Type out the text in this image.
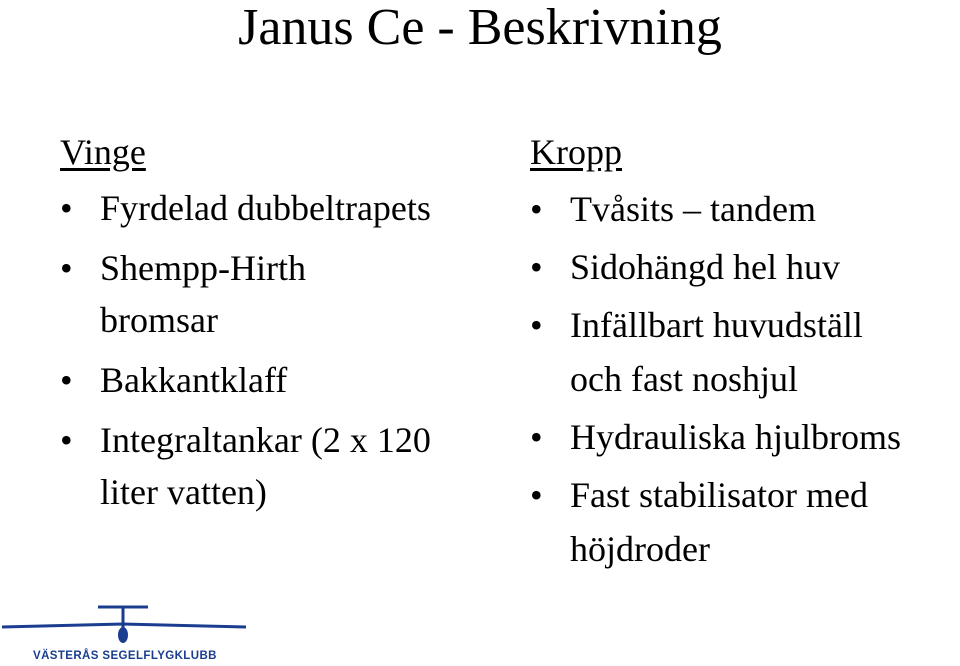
Janus Ce - Beskrivning
Vinge
• Fyrdelad dubbeltrapets
• Shempp-Hirth
bromsar
• Bakkantklaff
• Integraltankar (2 x 120
liter vatten)
Kropp
• Tvåsits – tandem
• Sidohängd hel huv
• Infällbart huvudställ
och fast noshjul
• Hydrauliska hjulbroms
• Fast stabilisator med
höjdroder
VÄSTERÅS SEGELFLYGKLUBB
